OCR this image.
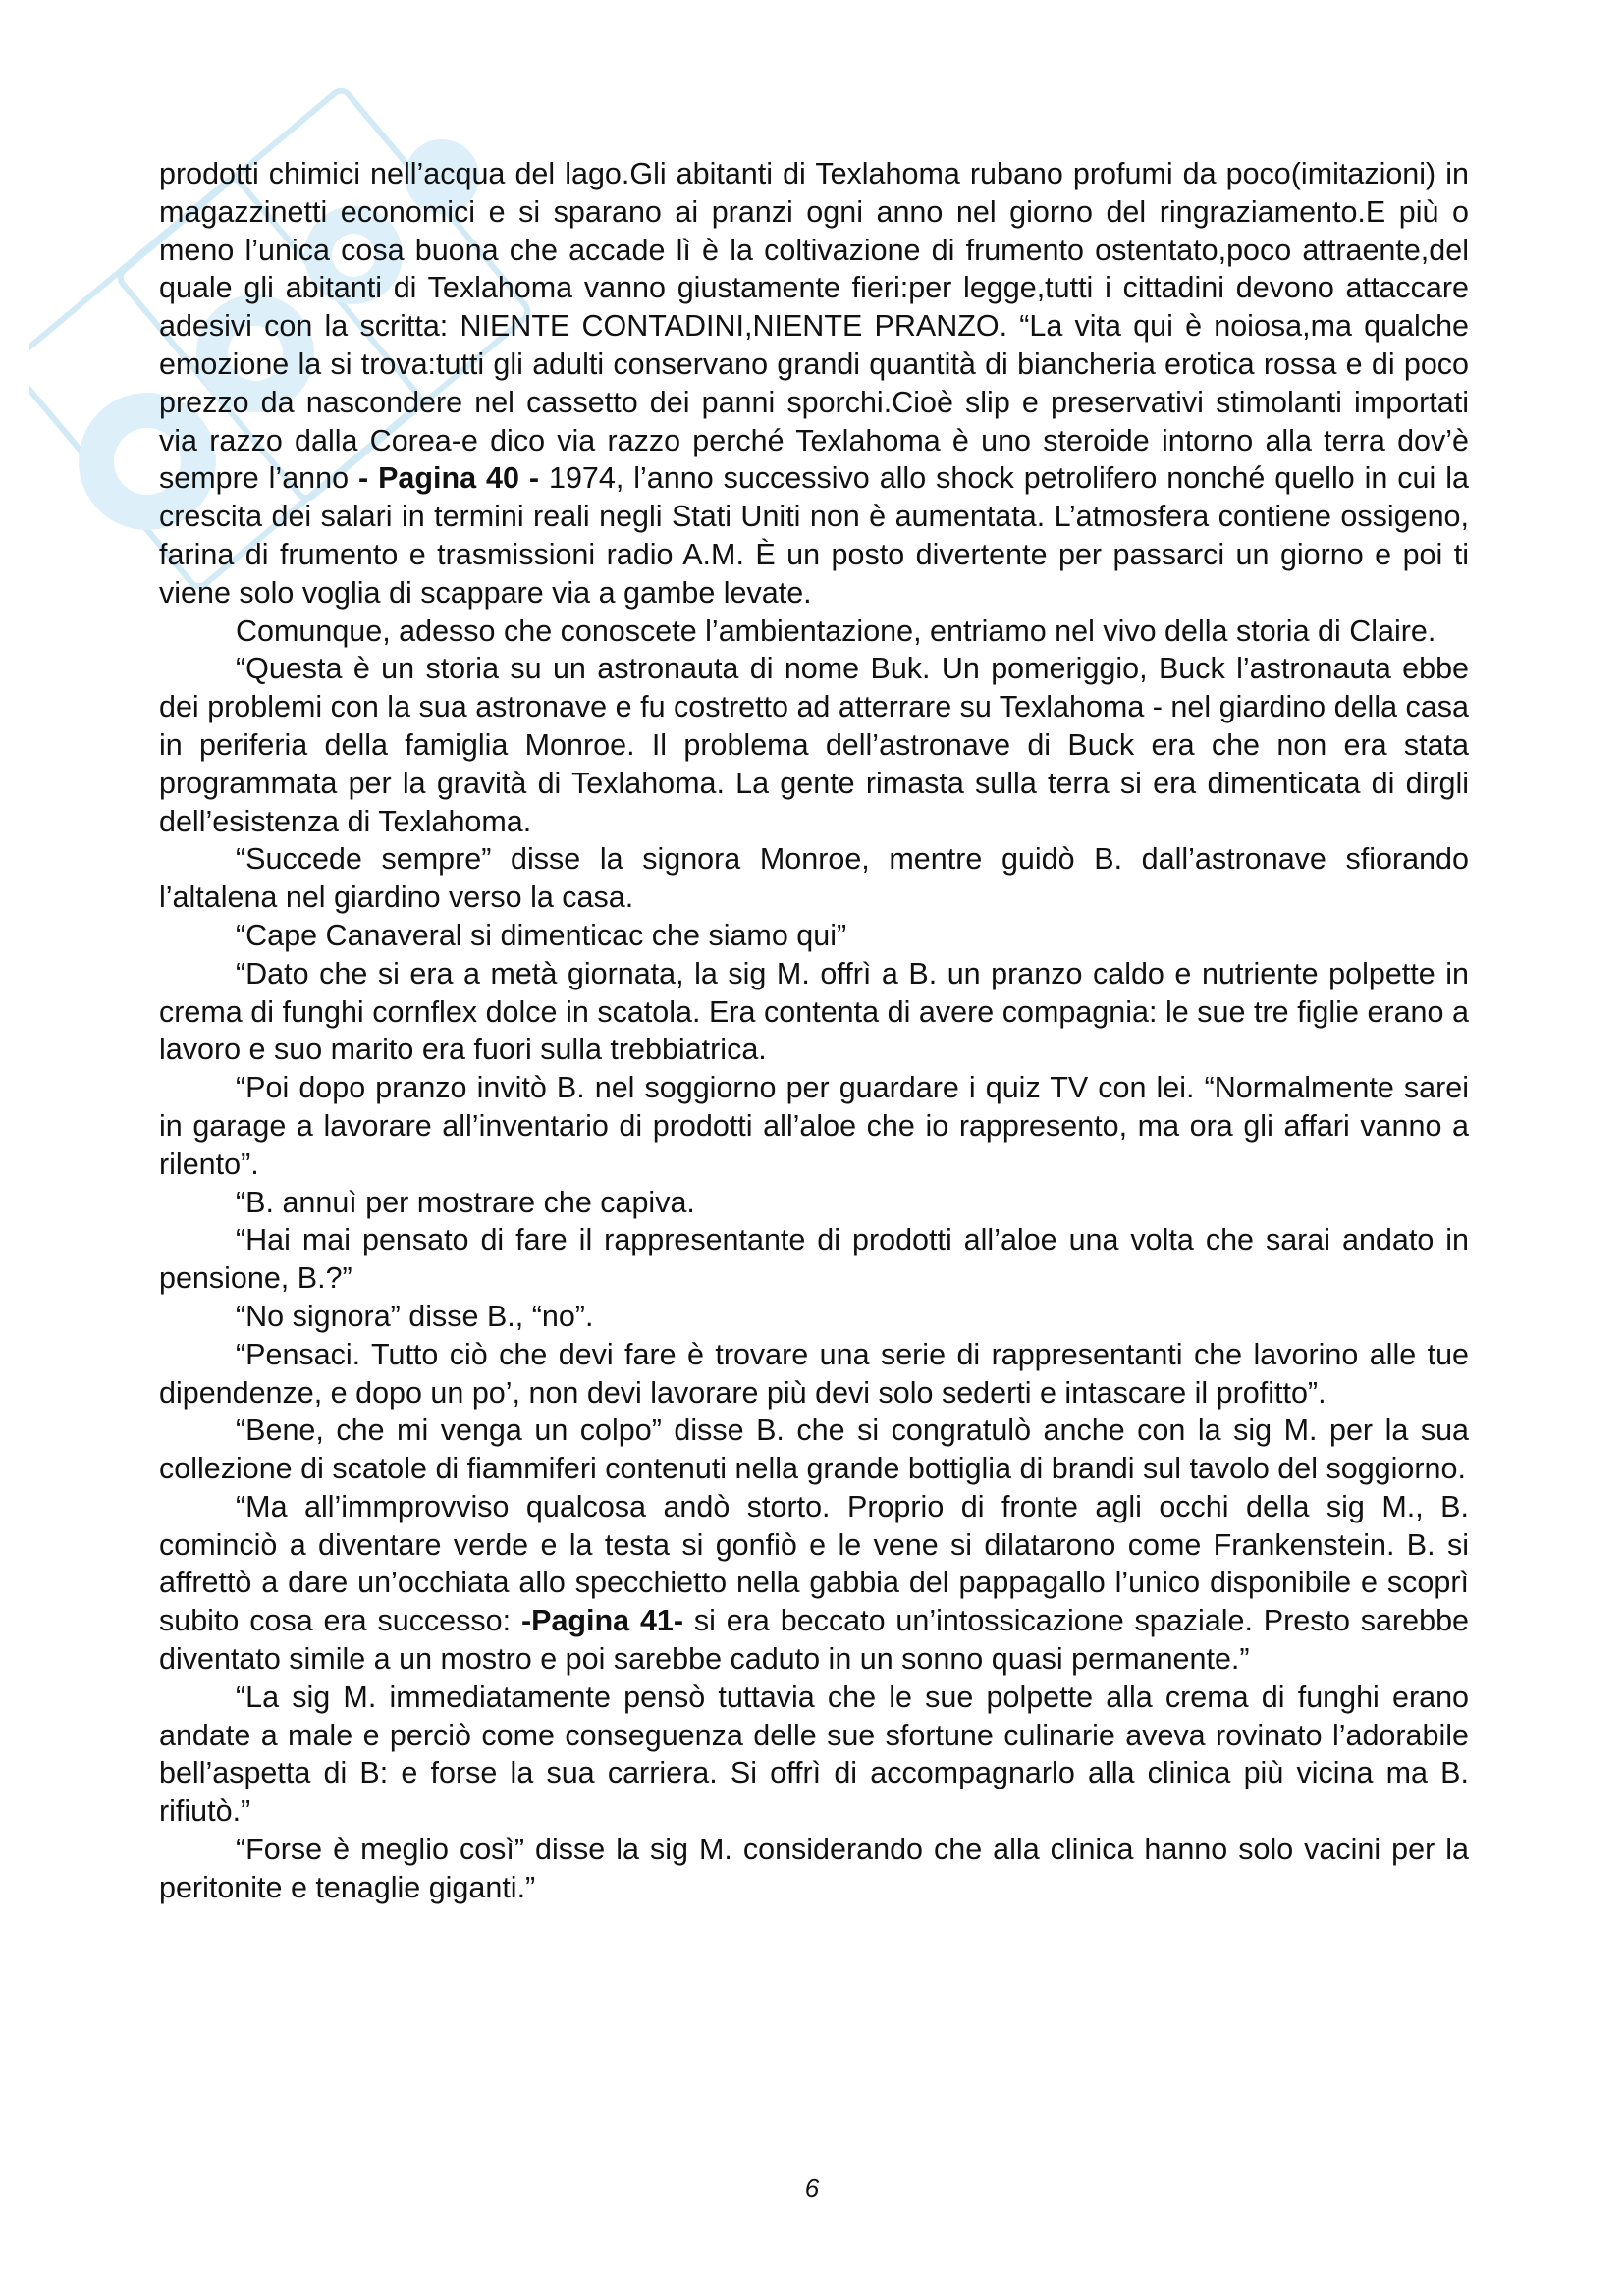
prodotti chimici nell’acqua del lago.Gli abitanti di Texlahoma rubano profumi da poco(imitazioni) in magazzinetti economici e si sparano ai pranzi ogni anno nel giorno del ringraziamento.E più o meno l’unica cosa buona che accade lì è la coltivazione di frumento ostentato,poco attraente,del quale gli abitanti di Texlahoma vanno giustamente fieri:per legge,tutti i cittadini devono attaccare adesivi con la scritta: NIENTE CONTADINI,NIENTE PRANZO. “La vita qui è noiosa,ma qualche emozione la si trova:tutti gli adulti conservano grandi quantità di biancheria erotica rossa e di poco prezzo da nascondere nel cassetto dei panni sporchi.Cioè slip e preservativi stimolanti importati via razzo dalla Corea-e dico via razzo perché Texlahoma è uno steroide intorno alla terra dov’è sempre l’anno - Pagina 40 - 1974, l’anno successivo allo shock petrolifero nonché quello in cui la crescita dei salari in termini reali negli Stati Uniti non è aumentata. L’atmosfera contiene ossigeno, farina di frumento e trasmissioni radio A.M. È un posto divertente per passarci un giorno e poi ti viene solo voglia di scappare via a gambe levate.

Comunque, adesso che conoscete l’ambientazione, entriamo nel vivo della storia di Claire.

“Questa è un storia su un astronauta di nome Buk. Un pomeriggio, Buck l’astronauta ebbe dei problemi con la sua astronave e fu costretto ad atterrare su Texlahoma - nel giardino della casa in periferia della famiglia Monroe. Il problema dell’astronave di Buck era che non era stata programmata per la gravità di Texlahoma. La gente rimasta sulla terra si era dimenticata di dirgli dell’esistenza di Texlahoma.

“Succede sempre” disse la signora Monroe, mentre guidò B. dall’astronave sfiorando l’altalena nel giardino verso la casa.

“Cape Canaveral si dimenticac che siamo qui”

“Dato che si era a metà giornata, la sig M. offrì a B. un pranzo caldo e nutriente polpette in crema di funghi cornflex dolce in scatola. Era contenta di avere compagnia: le sue tre figlie erano a lavoro e suo marito era fuori sulla trebbiatrica.

“Poi dopo pranzo invitò B. nel soggiorno per guardare i quiz TV con lei. “Normalmente sarei in garage a lavorare all’inventario di prodotti all’aloe che io rappresento, ma ora gli affari vanno a rilento”.

“B. annuì per mostrare che capiva.

“Hai mai pensato di fare il rappresentante di prodotti all’aloe una volta che sarai andato in pensione, B.?”

“No signora” disse B., “no”.

“Pensaci. Tutto ciò che devi fare è trovare una serie di rappresentanti che lavorino alle tue dipendenze, e dopo un po’, non devi lavorare più devi solo sederti e intascare il profitto”.

“Bene, che mi venga un colpo” disse B. che si congratulò anche con la sig M. per la sua collezione di scatole di fiammiferi contenuti nella grande bottiglia di brandi sul tavolo del soggiorno.

“Ma all’immprovviso qualcosa andò storto. Proprio di fronte agli occhi della sig M., B. cominciò a diventare verde e la testa si gonfiò e le vene si dilatarono come Frankenstein. B. si affrettò a dare un’occhiata allo specchietto nella gabbia del pappagallo l’unico disponibile e scoprì subito cosa era successo: -Pagina 41- si era beccato un’intossicazione spaziale. Presto sarebbe diventato simile a un mostro e poi sarebbe caduto in un sonno quasi permanente.”

“La sig M. immediatamente pensò tuttavia che le sue polpette alla crema di funghi erano andate a male e perciò come conseguenza delle sue sfortune culinarie aveva rovinato l’adorabile bell’aspetta di B: e forse la sua carriera. Si offrì di accompagnarlo alla clinica più vicina ma B. rifiutò.”

“Forse è meglio così” disse la sig M. considerando che alla clinica hanno solo vacini per la peritonite e tenaglie giganti.”

6
